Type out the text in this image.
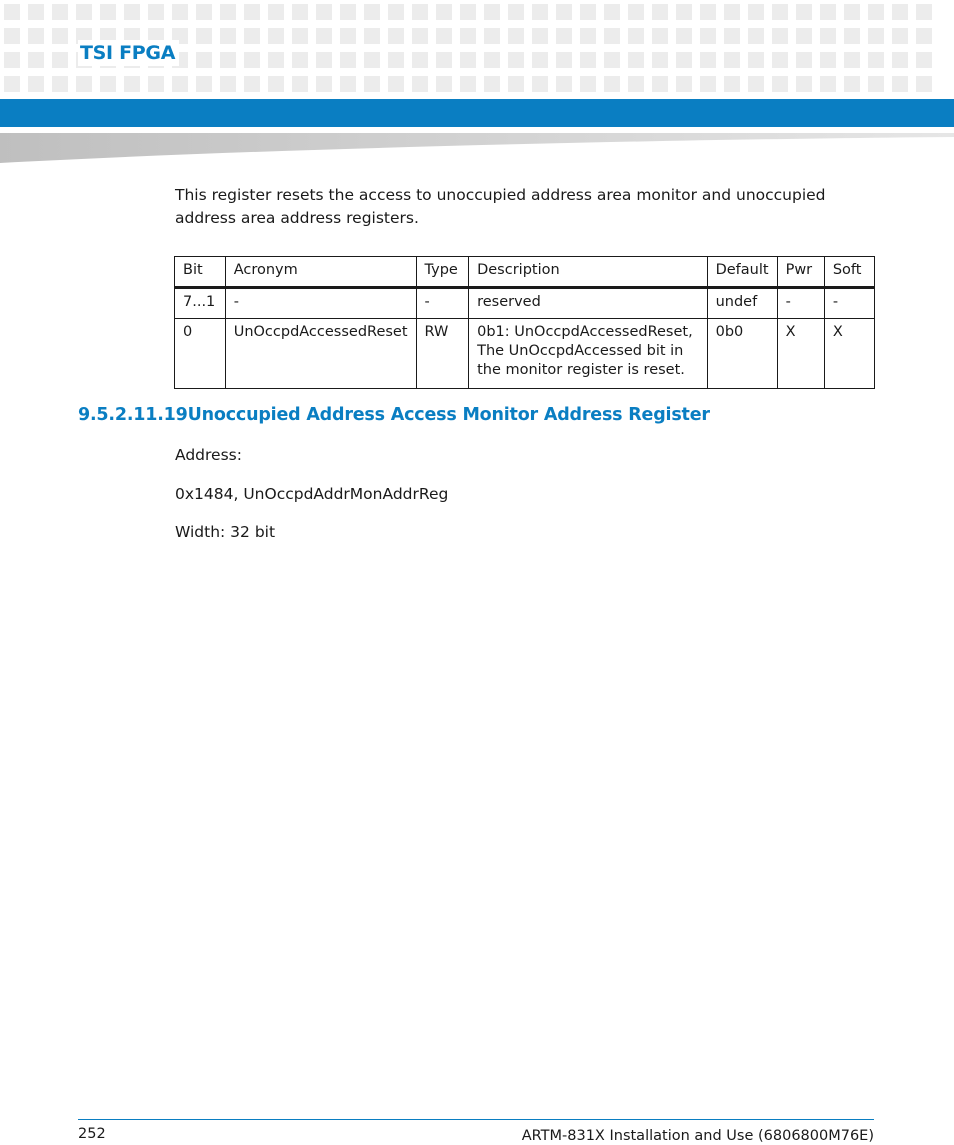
TSI FPGA
This register resets the access to unoccupied address area monitor and unoccupied address area address registers.
Bit	Acronym	Type	Description	Default	Pwr	Soft
7...1	-	-	reserved	undef	-	-
0	UnOccpdAccessedReset	RW	0b1: UnOccpdAccessedReset, The UnOccpdAccessed bit in the monitor register is reset.	0b0	X	X
9.5.2.11.19Unoccupied Address Access Monitor Address Register
Address:
0x1484, UnOccpdAddrMonAddrReg
Width: 32 bit
252	ARTM-831X Installation and Use (6806800M76E)
